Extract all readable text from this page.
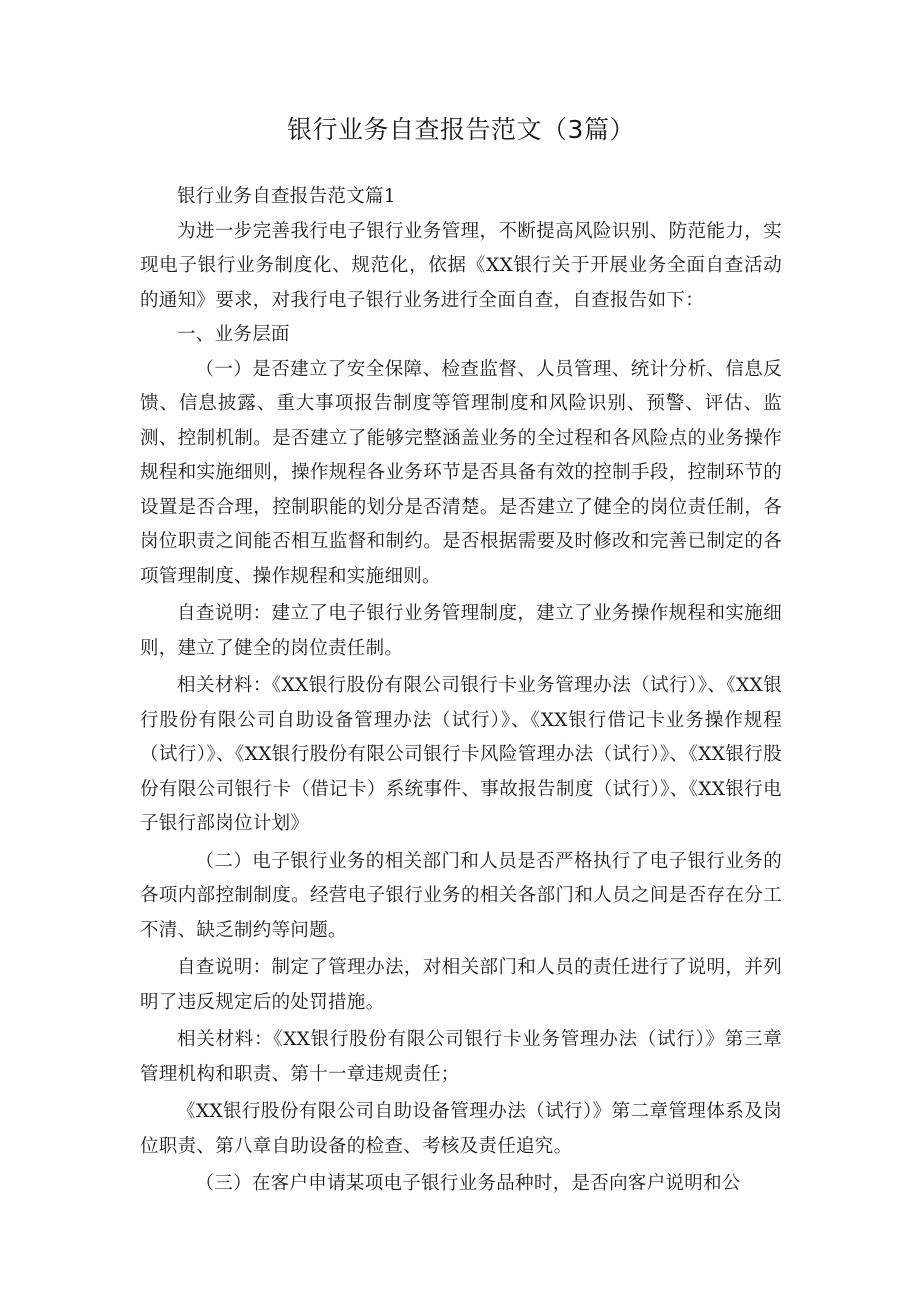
银行业务自查报告范文（3篇）

银行业务自查报告范文篇1

为进一步完善我行电子银行业务管理，不断提高风险识别、防范能力，实现电子银行业务制度化、规范化，依据《XX银行关于开展业务全面自查活动的通知》要求，对我行电子银行业务进行全面自查，自查报告如下：

一、业务层面

（一）是否建立了安全保障、检查监督、人员管理、统计分析、信息反馈、信息披露、重大事项报告制度等管理制度和风险识别、预警、评估、监测、控制机制。是否建立了能够完整涵盖业务的全过程和各风险点的业务操作规程和实施细则，操作规程各业务环节是否具备有效的控制手段，控制环节的设置是否合理，控制职能的划分是否清楚。是否建立了健全的岗位责任制，各岗位职责之间能否相互监督和制约。是否根据需要及时修改和完善已制定的各项管理制度、操作规程和实施细则。

自查说明：建立了电子银行业务管理制度，建立了业务操作规程和实施细则，建立了健全的岗位责任制。

相关材料：《XX银行股份有限公司银行卡业务管理办法（试行）》、《XX银行股份有限公司自助设备管理办法（试行）》、《XX银行借记卡业务操作规程（试行）》、《XX银行股份有限公司银行卡风险管理办法（试行）》、《XX银行股份有限公司银行卡（借记卡）系统事件、事故报告制度（试行）》、《XX银行电子银行部岗位计划》

（二）电子银行业务的相关部门和人员是否严格执行了电子银行业务的各项内部控制制度。经营电子银行业务的相关各部门和人员之间是否存在分工不清、缺乏制约等问题。

自查说明：制定了管理办法，对相关部门和人员的责任进行了说明，并列明了违反规定后的处罚措施。

相关材料：《XX银行股份有限公司银行卡业务管理办法（试行）》第三章管理机构和职责、第十一章违规责任；

《XX银行股份有限公司自助设备管理办法（试行）》第二章管理体系及岗位职责、第八章自助设备的检查、考核及责任追究。

（三）在客户申请某项电子银行业务品种时，是否向客户说明和公
